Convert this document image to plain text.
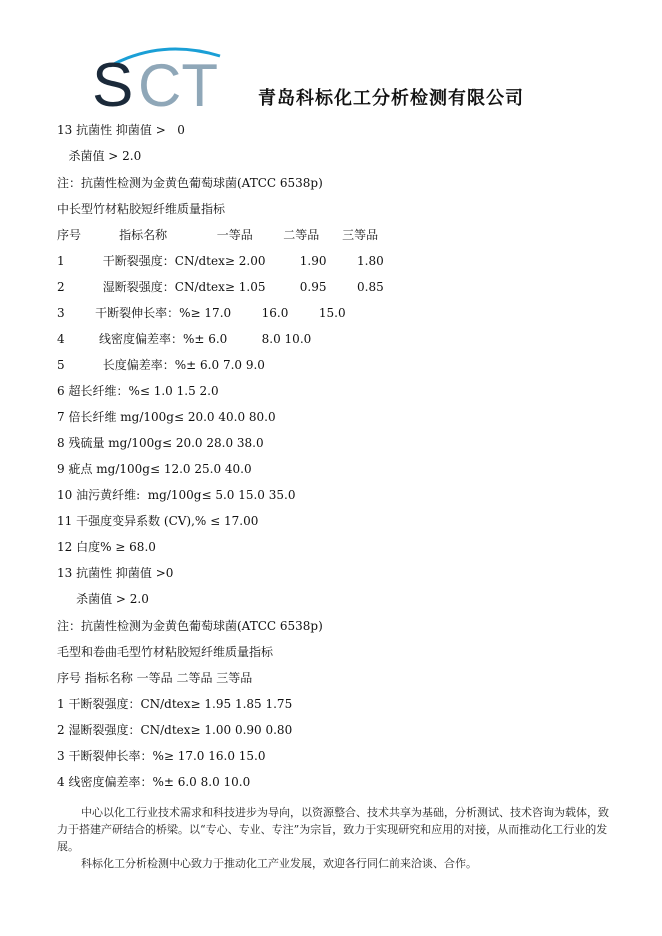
S CT 青岛科标化工分析检测有限公司
13 抗菌性 抑菌值 >   0
杀菌值 > 2.0
注：抗菌性检测为金黄色葡萄球菌(ATCC 6538p)
中长型竹材粘胶短纤维质量指标
序号          指标名称             一等品        二等品      三等品
1          干断裂强度：CN/dtex≥ 2.00         1.90        1.80
2          湿断裂强度：CN/dtex≥ 1.05         0.95        0.85
3        干断裂伸长率：%≥ 17.0        16.0        15.0
4         线密度偏差率：%± 6.0         8.0 10.0
5          长度偏差率：%± 6.0 7.0 9.0
6 超长纤维：%≤ 1.0 1.5 2.0
7 倍长纤维 mg/100g≤ 20.0 40.0 80.0
8 残硫量 mg/100g≤ 20.0 28.0 38.0
9 疵点 mg/100g≤ 12.0 25.0 40.0
10 油污黄纤维:  mg/100g≤ 5.0 15.0 35.0
11 干强度变异系数 (CV),% ≤ 17.00
12 白度% ≥ 68.0
13 抗菌性 抑菌值 >0
杀菌值 > 2.0
注：抗菌性检测为金黄色葡萄球菌(ATCC 6538p)
毛型和卷曲毛型竹材粘胶短纤维质量指标
序号 指标名称 一等品 二等品 三等品
1 干断裂强度：CN/dtex≥ 1.95 1.85 1.75
2 湿断裂强度：CN/dtex≥ 1.00 0.90 0.80
3 干断裂伸长率：%≥ 17.0 16.0 15.0
4 线密度偏差率：%± 6.0 8.0 10.0

中心以化工行业技术需求和科技进步为导向，以资源整合、技术共享为基础，分析测试、技术咨询为载体，致力于搭建产研结合的桥梁。以“专心、专业、专注”为宗旨，致力于实现研究和应用的对接，从而推动化工行业的发展。

科标化工分析检测中心致力于推动化工产业发展，欢迎各行同仁前来洽谈、合作。
